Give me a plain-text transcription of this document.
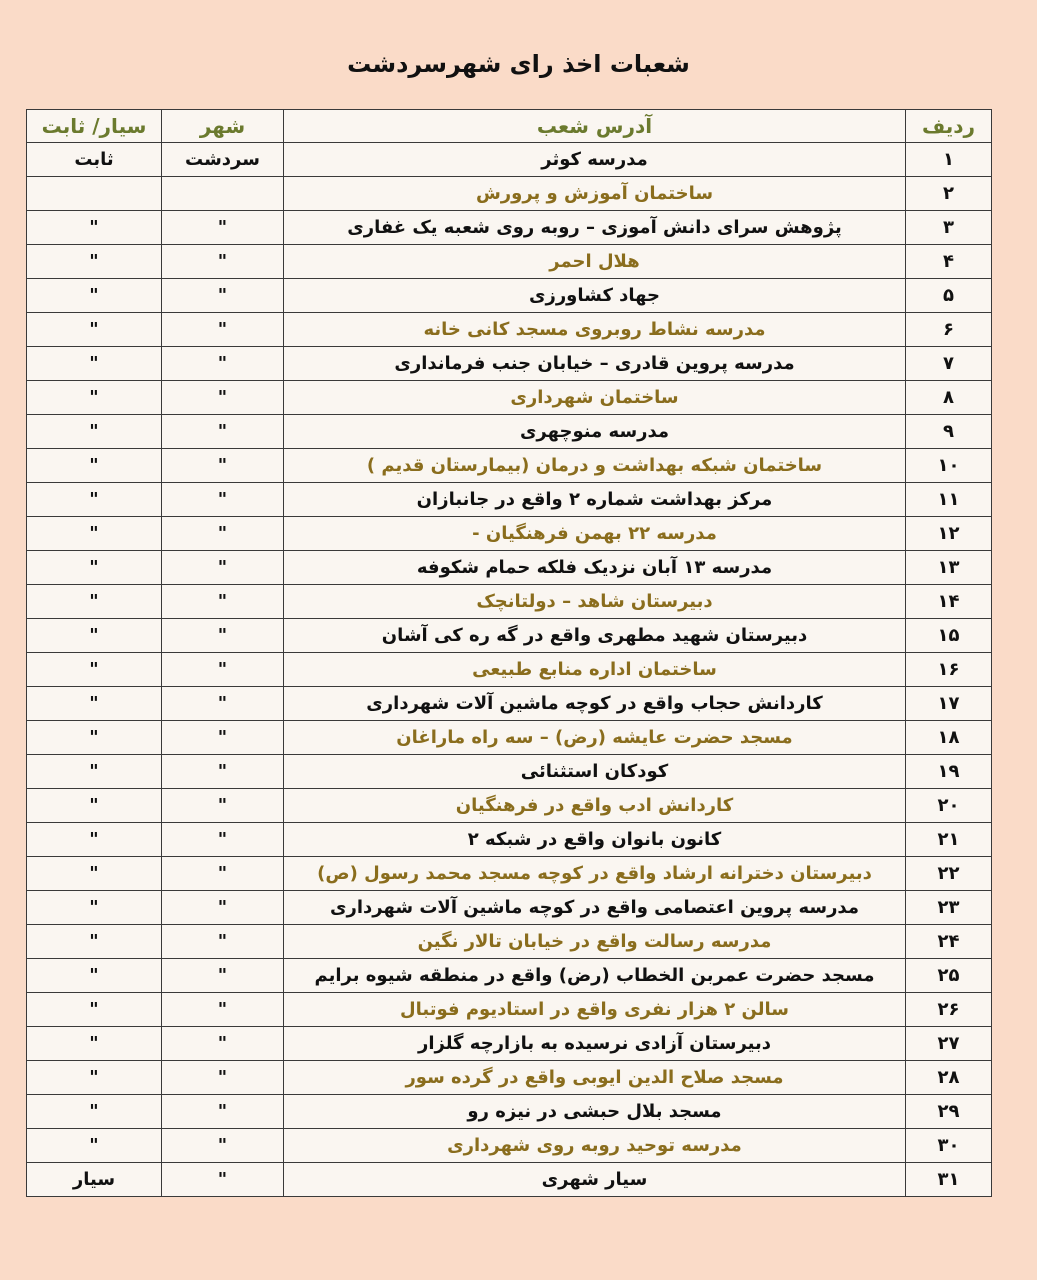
شعبات اخذ رای شهرسردشت
ردیف	آدرس شعب	شهر	سیار/ ثابت
۱	مدرسه کوثر	سردشت	ثابت
۲	ساختمان آموزش و پرورش		
۳	پژوهش سرای دانش آموزی – روبه روی شعبه یک غفاری	"	"
۴	هلال احمر	"	"
۵	جهاد کشاورزی	"	"
۶	مدرسه نشاط روبروی مسجد کانی خانه	"	"
۷	مدرسه پروین قادری – خیابان جنب فرمانداری	"	"
۸	ساختمان شهرداری	"	"
۹	مدرسه منوچهری	"	"
۱۰	ساختمان شبکه بهداشت و درمان (بیمارستان قدیم )	"	"
۱۱	مرکز بهداشت شماره ۲ واقع در جانبازان	"	"
۱۲	مدرسه ۲۲ بهمن فرهنگیان -	"	"
۱۳	مدرسه ۱۳ آبان نزدیک فلکه حمام شکوفه	"	"
۱۴	دبیرستان شاهد – دولتانچک	"	"
۱۵	دبیرستان شهید مطهری واقع در گه ره کی آشان	"	"
۱۶	ساختمان اداره منابع طبیعی	"	"
۱۷	کاردانش حجاب واقع در کوچه ماشین آلات شهرداری	"	"
۱۸	مسجد حضرت عایشه (رض) – سه راه ماراغان	"	"
۱۹	کودکان استثنائی	"	"
۲۰	کاردانش ادب واقع در فرهنگیان	"	"
۲۱	کانون بانوان واقع در شبکه ۲	"	"
۲۲	دبیرستان دخترانه ارشاد واقع در کوچه مسجد محمد رسول (ص)	"	"
۲۳	مدرسه پروین اعتصامی واقع در کوچه ماشین آلات شهرداری	"	"
۲۴	مدرسه رسالت واقع در خیابان تالار نگین	"	"
۲۵	مسجد حضرت عمربن الخطاب (رض) واقع در منطقه شیوه برایم	"	"
۲۶	سالن ۲ هزار نفری واقع در استادیوم فوتبال	"	"
۲۷	دبیرستان آزادی نرسیده به بازارچه گلزار	"	"
۲۸	مسجد صلاح الدین ایوبی واقع در گرده سور	"	"
۲۹	مسجد بلال حبشی در نیزه رو	"	"
۳۰	مدرسه توحید روبه روی شهرداری	"	"
۳۱	سیار شهری	"	سیار
